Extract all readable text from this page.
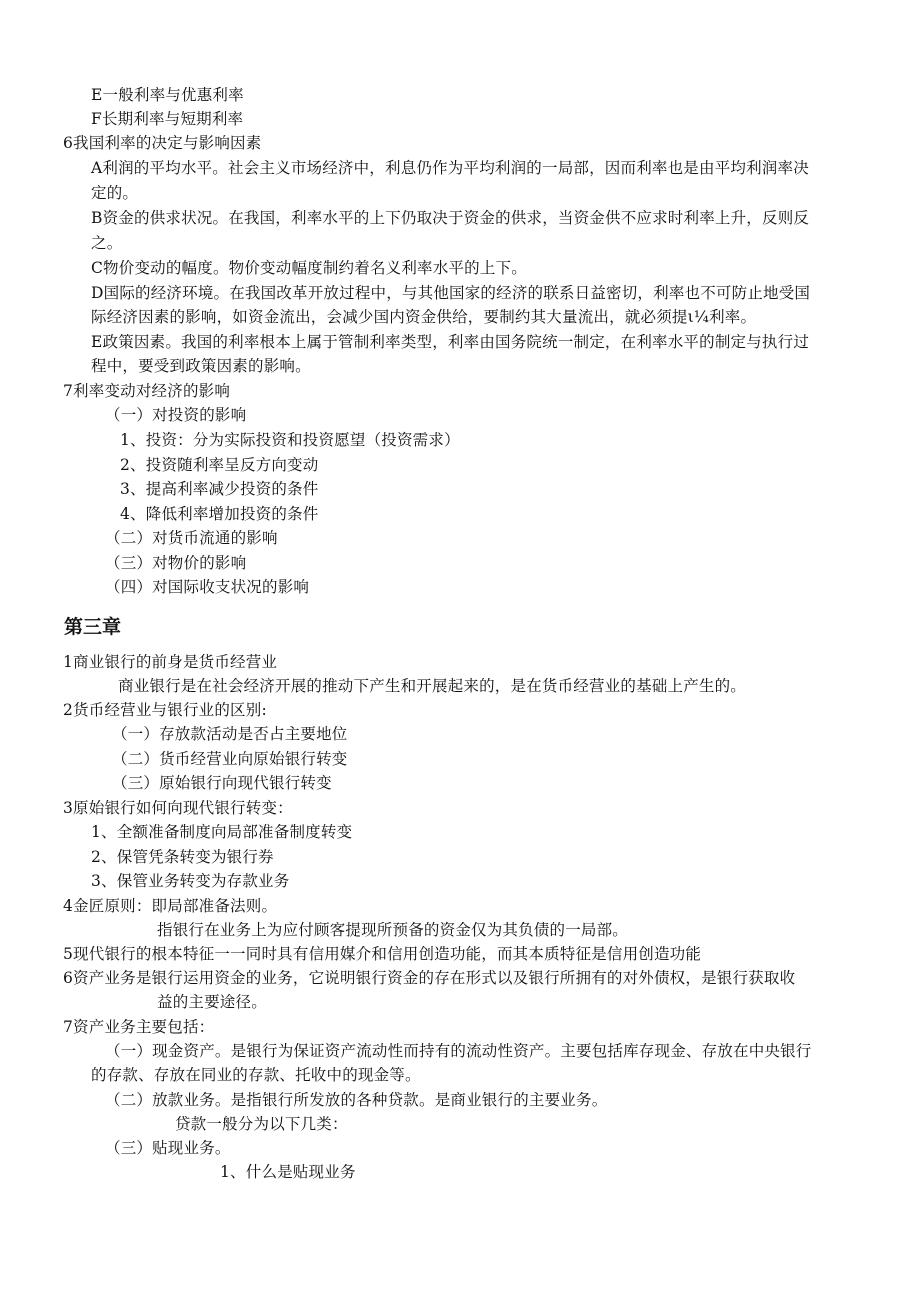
E一般利率与优惠利率
F长期利率与短期利率
6我国利率的决定与影响因素
A利润的平均水平。社会主义市场经济中，利息仍作为平均利润的一局部，因而利率也是由平均利润率决
定的。
B资金的供求状况。在我国，利率水平的上下仍取决于资金的供求，当资金供不应求时利率上升，反则反
之。
C物价变动的幅度。物价变动幅度制约着名义利率水平的上下。
D国际的经济环境。在我国改革开放过程中，与其他国家的经济的联系日益密切，利率也不可防止地受国
际经济因素的影响，如资金流出，会减少国内资金供给，要制约其大量流出，就必须提ι¼利率。
E政策因素。我国的利率根本上属于管制利率类型，利率由国务院统一制定，在利率水平的制定与执行过
程中，要受到政策因素的影响。
7利率变动对经济的影响
（一）对投资的影响
1、投资：分为实际投资和投资愿望（投资需求）
2、投资随利率呈反方向变动
3、提高利率减少投资的条件
4、降低利率增加投资的条件
（二）对货币流通的影响
（三）对物价的影响
（四）对国际收支状况的影响
第三章
1商业银行的前身是货币经营业
商业银行是在社会经济开展的推动下产生和开展起来的，是在货币经营业的基础上产生的。
2货币经营业与银行业的区别:
（一）存放款活动是否占主要地位
（二）货币经营业向原始银行转变
（三）原始银行向现代银行转变
3原始银行如何向现代银行转变：
1、全额准备制度向局部准备制度转变
2、保管凭条转变为银行券
3、保管业务转变为存款业务
4金匠原则：即局部准备法则。
指银行在业务上为应付顾客提现所预备的资金仅为其负债的一局部。
5现代银行的根本特征一一同时具有信用媒介和信用创造功能，而其本质特征是信用创造功能
6资产业务是银行运用资金的业务，它说明银行资金的存在形式以及银行所拥有的对外债权，是银行获取收
益的主要途径。
7资产业务主要包括：
（一）现金资产。是银行为保证资产流动性而持有的流动性资产。主要包括库存现金、存放在中央银行
的存款、存放在同业的存款、托收中的现金等。
（二）放款业务。是指银行所发放的各种贷款。是商业银行的主要业务。
贷款一般分为以下几类：
（三）贴现业务。
1、什么是贴现业务
